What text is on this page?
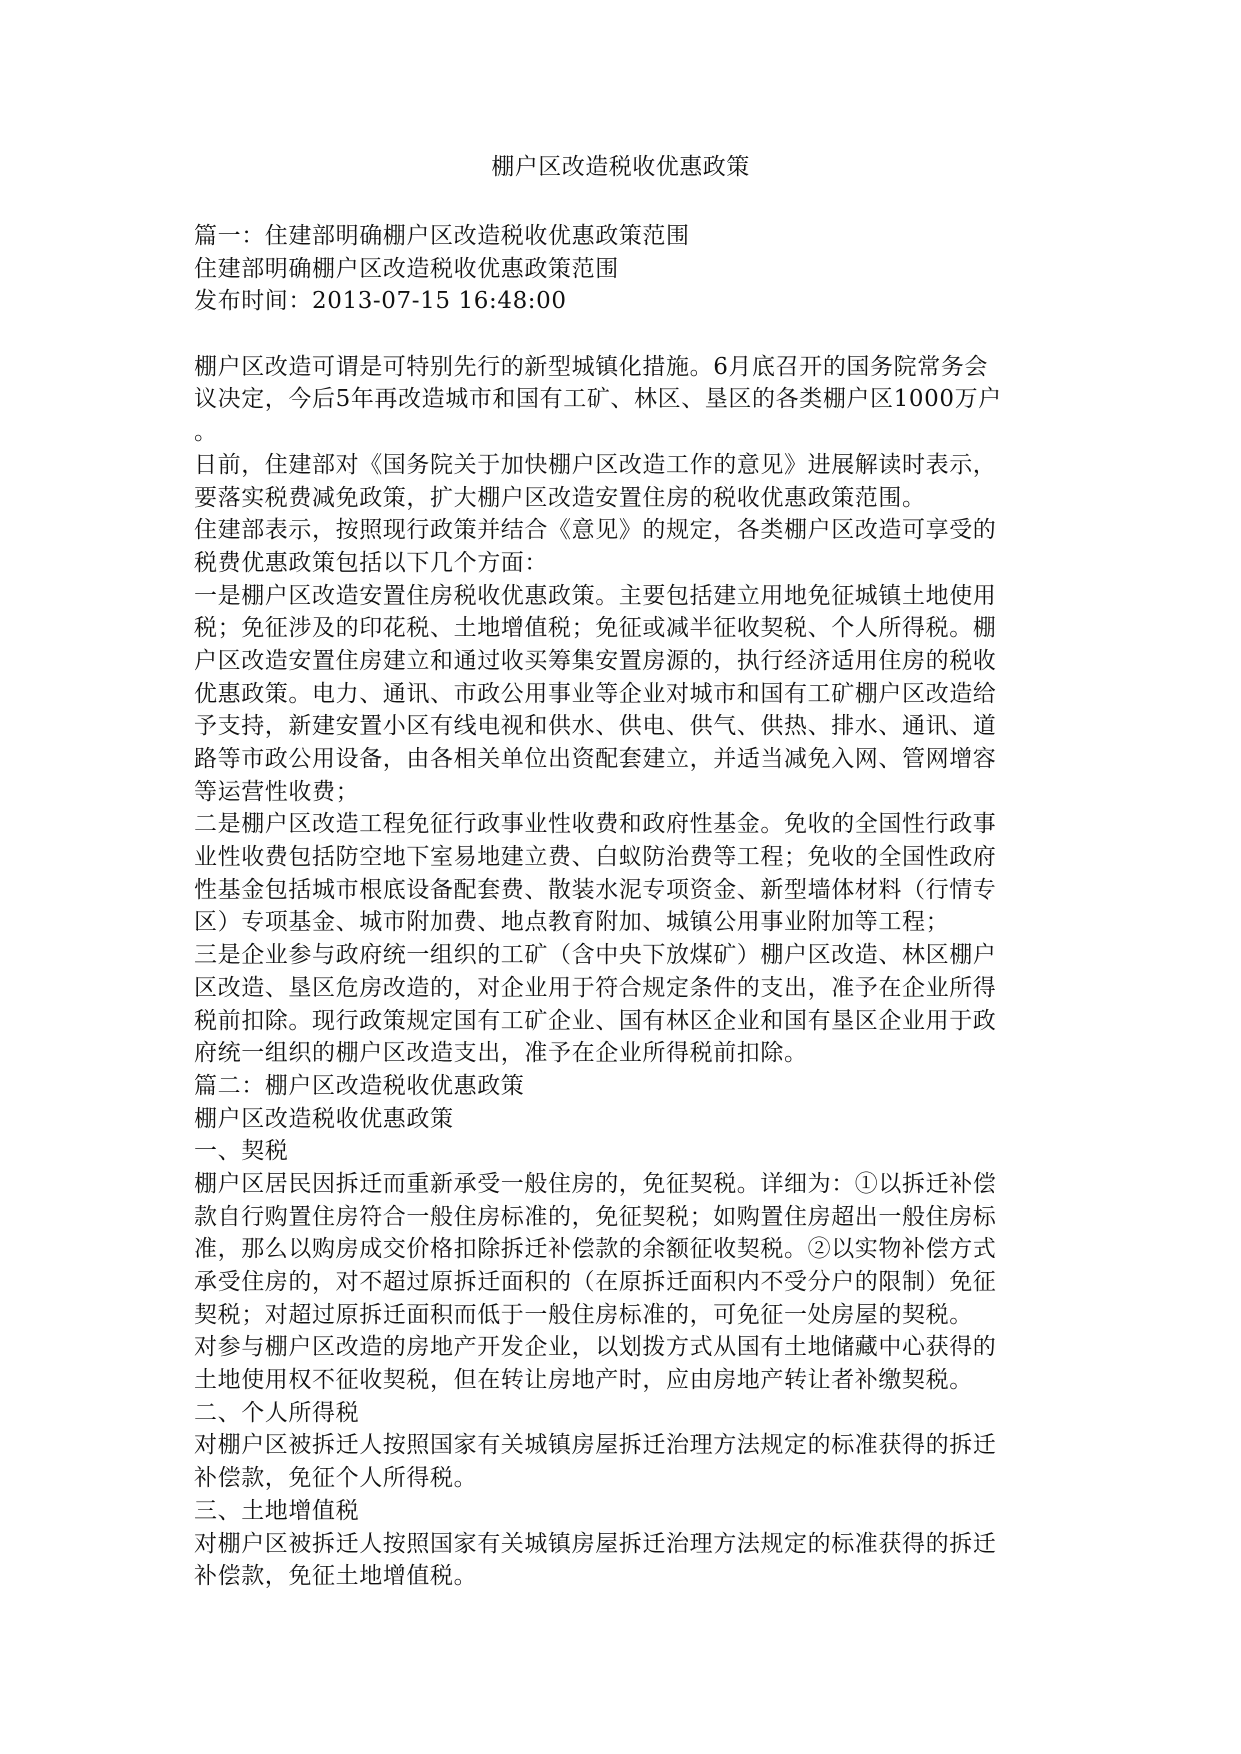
棚户区改造税收优惠政策
篇一：住建部明确棚户区改造税收优惠政策范围
住建部明确棚户区改造税收优惠政策范围
发布时间：2013-07-15 16:48:00
棚户区改造可谓是可特别先行的新型城镇化措施。6月底召开的国务院常务会
议决定，今后5年再改造城市和国有工矿、林区、垦区的各类棚户区1000万户
。
日前，住建部对《国务院关于加快棚户区改造工作的意见》进展解读时表示，
要落实税费减免政策，扩大棚户区改造安置住房的税收优惠政策范围。
住建部表示，按照现行政策并结合《意见》的规定，各类棚户区改造可享受的
税费优惠政策包括以下几个方面：
一是棚户区改造安置住房税收优惠政策。主要包括建立用地免征城镇土地使用
税；免征涉及的印花税、土地增值税；免征或减半征收契税、个人所得税。棚
户区改造安置住房建立和通过收买筹集安置房源的，执行经济适用住房的税收
优惠政策。电力、通讯、市政公用事业等企业对城市和国有工矿棚户区改造给
予支持，新建安置小区有线电视和供水、供电、供气、供热、排水、通讯、道
路等市政公用设备，由各相关单位出资配套建立，并适当减免入网、管网增容
等运营性收费；
二是棚户区改造工程免征行政事业性收费和政府性基金。免收的全国性行政事
业性收费包括防空地下室易地建立费、白蚁防治费等工程；免收的全国性政府
性基金包括城市根底设备配套费、散装水泥专项资金、新型墙体材料（行情专
区）专项基金、城市附加费、地点教育附加、城镇公用事业附加等工程；
三是企业参与政府统一组织的工矿（含中央下放煤矿）棚户区改造、林区棚户
区改造、垦区危房改造的，对企业用于符合规定条件的支出，准予在企业所得
税前扣除。现行政策规定国有工矿企业、国有林区企业和国有垦区企业用于政
府统一组织的棚户区改造支出，准予在企业所得税前扣除。
篇二：棚户区改造税收优惠政策
棚户区改造税收优惠政策
一、契税
棚户区居民因拆迁而重新承受一般住房的，免征契税。详细为：①以拆迁补偿
款自行购置住房符合一般住房标准的，免征契税；如购置住房超出一般住房标
准，那么以购房成交价格扣除拆迁补偿款的余额征收契税。②以实物补偿方式
承受住房的，对不超过原拆迁面积的（在原拆迁面积内不受分户的限制）免征
契税；对超过原拆迁面积而低于一般住房标准的，可免征一处房屋的契税。
对参与棚户区改造的房地产开发企业，以划拨方式从国有土地储藏中心获得的
土地使用权不征收契税，但在转让房地产时，应由房地产转让者补缴契税。
二、个人所得税
对棚户区被拆迁人按照国家有关城镇房屋拆迁治理方法规定的标准获得的拆迁
补偿款，免征个人所得税。
三、土地增值税
对棚户区被拆迁人按照国家有关城镇房屋拆迁治理方法规定的标准获得的拆迁
补偿款，免征土地增值税。
